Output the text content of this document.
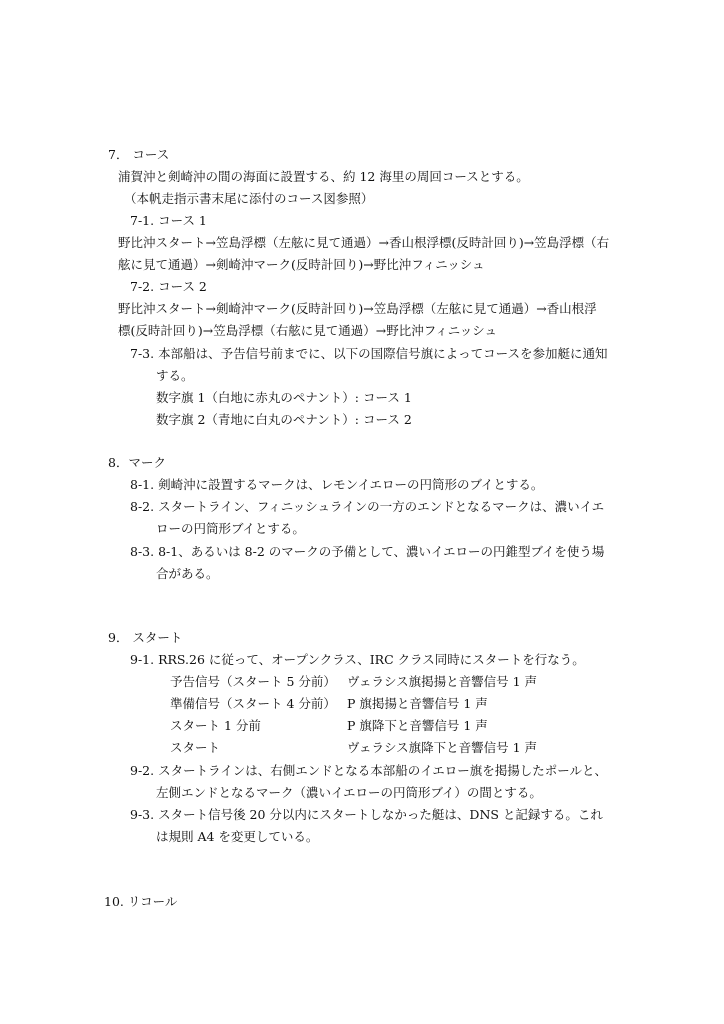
7． コース
浦賀沖と剣崎沖の間の海面に設置する、約 12 海里の周回コースとする。
（本帆走指示書末尾に添付のコース図参照）
7-1. コース 1
野比沖スタート→笠島浮標（左舷に見て通過）→香山根浮標(反時計回り)→笠島浮標（右
舷に見て通過）→剣崎沖マーク(反時計回り)→野比沖フィニッシュ
7-2. コース 2
野比沖スタート→剣崎沖マーク(反時計回り)→笠島浮標（左舷に見て通過）→香山根浮
標(反時計回り)→笠島浮標（右舷に見て通過）→野比沖フィニッシュ
7-3. 本部船は、予告信号前までに、以下の国際信号旗によってコースを参加艇に通知
する。
数字旗 1（白地に赤丸のペナント）: コース 1
数字旗 2（青地に白丸のペナント）: コース 2
8．マーク
8-1. 剣崎沖に設置するマークは、レモンイエローの円筒形のブイとする。
8-2. スタートライン、フィニッシュラインの一方のエンドとなるマークは、濃いイエ
ローの円筒形ブイとする。
8-3. 8-1、あるいは 8-2 のマークの予備として、濃いイエローの円錐型ブイを使う場
合がある。
9． スタート
9-1. RRS.26 に従って、オープンクラス、IRC クラス同時にスタートを行なう。
予告信号（スタート 5 分前） ヴェラシス旗掲揚と音響信号 1 声
準備信号（スタート 4 分前） P 旗掲揚と音響信号 1 声
スタート 1 分前	P 旗降下と音響信号 1 声
スタート	ヴェラシス旗降下と音響信号 1 声
9-2. スタートラインは、右側エンドとなる本部船のイエロー旗を掲揚したポールと、
左側エンドとなるマーク（濃いイエローの円筒形ブイ）の間とする。
9-3. スタート信号後 20 分以内にスタートしなかった艇は、DNS と記録する。これ
は規則 A4 を変更している。
10. リコール
